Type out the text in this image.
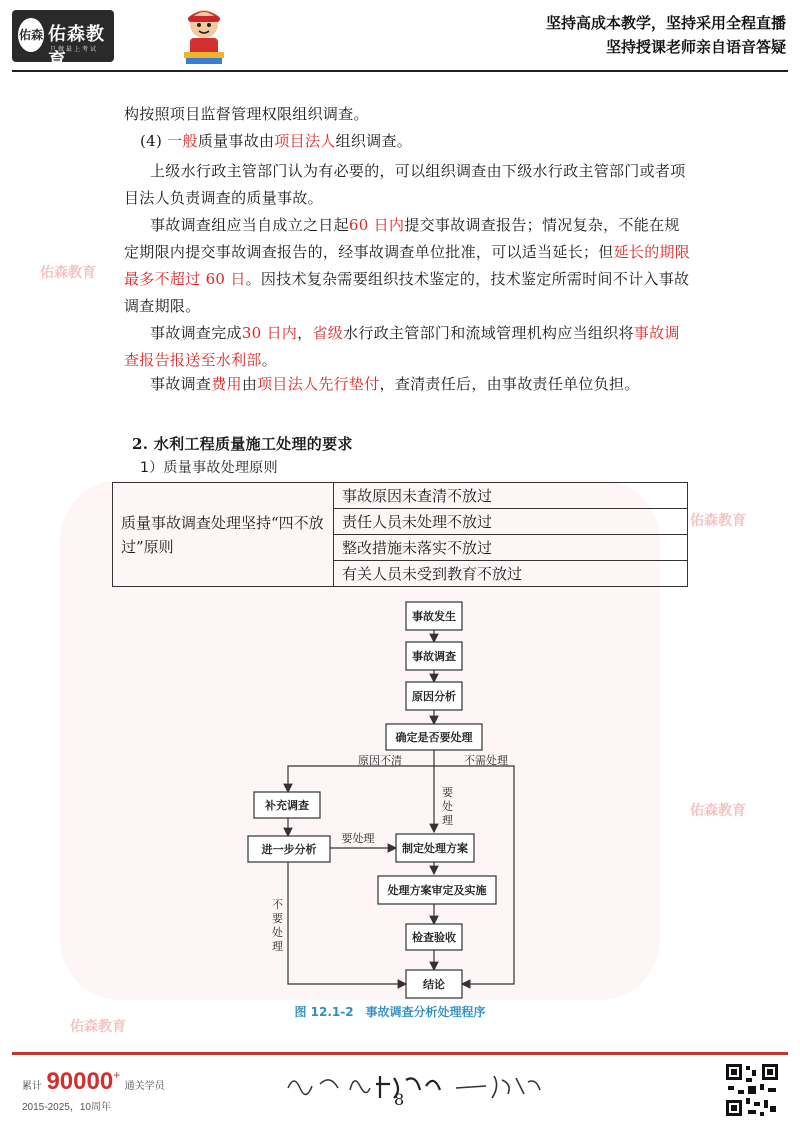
佑森教育
佑森教育
佑森教育
佑森教育
佑森 佑森教育
只做最上考试
坚持高成本教学，坚持采用全程直播
坚持授课老师亲自语音答疑
构按照项目监督管理权限组织调查。
(4) 一般质量事故由项目法人组织调查。
上级水行政主管部门认为有必要的，可以组织调查由下级水行政主管部门或者项目法人负责调查的质量事故。
事故调查组应当自成立之日起60 日内提交事故调查报告；情况复杂，不能在规定期限内提交事故调查报告的，经事故调查单位批准，可以适当延长；但延长的期限最多不超过 60 日。因技术复杂需要组织技术鉴定的，技术鉴定所需时间不计入事故调查期限。
事故调查完成30 日内，省级水行政主管部门和流域管理机构应当组织将事故调查报告报送至水利部。
事故调查费用由项目法人先行垫付，查清责任后，由事故责任单位负担。
2. 水利工程质量施工处理的要求
1）质量事故处理原则
质量事故调查处理坚持“四不放过”原则	事故原因未查清不放过
责任人员未处理不放过
整改措施未落实不放过
有关人员未受到教育不放过
事故发生
事故调查
原因分析
确定是否要处理
补充调查
进一步分析	制定处理方案
处理方案审定及实施
检查验收
结论
原因不清	不需处理
要处理
要处理
不要处理
图 12.1-2　事故调查分析处理程序
累计 90000+ 通关学员
2015-2025，10周年	8
